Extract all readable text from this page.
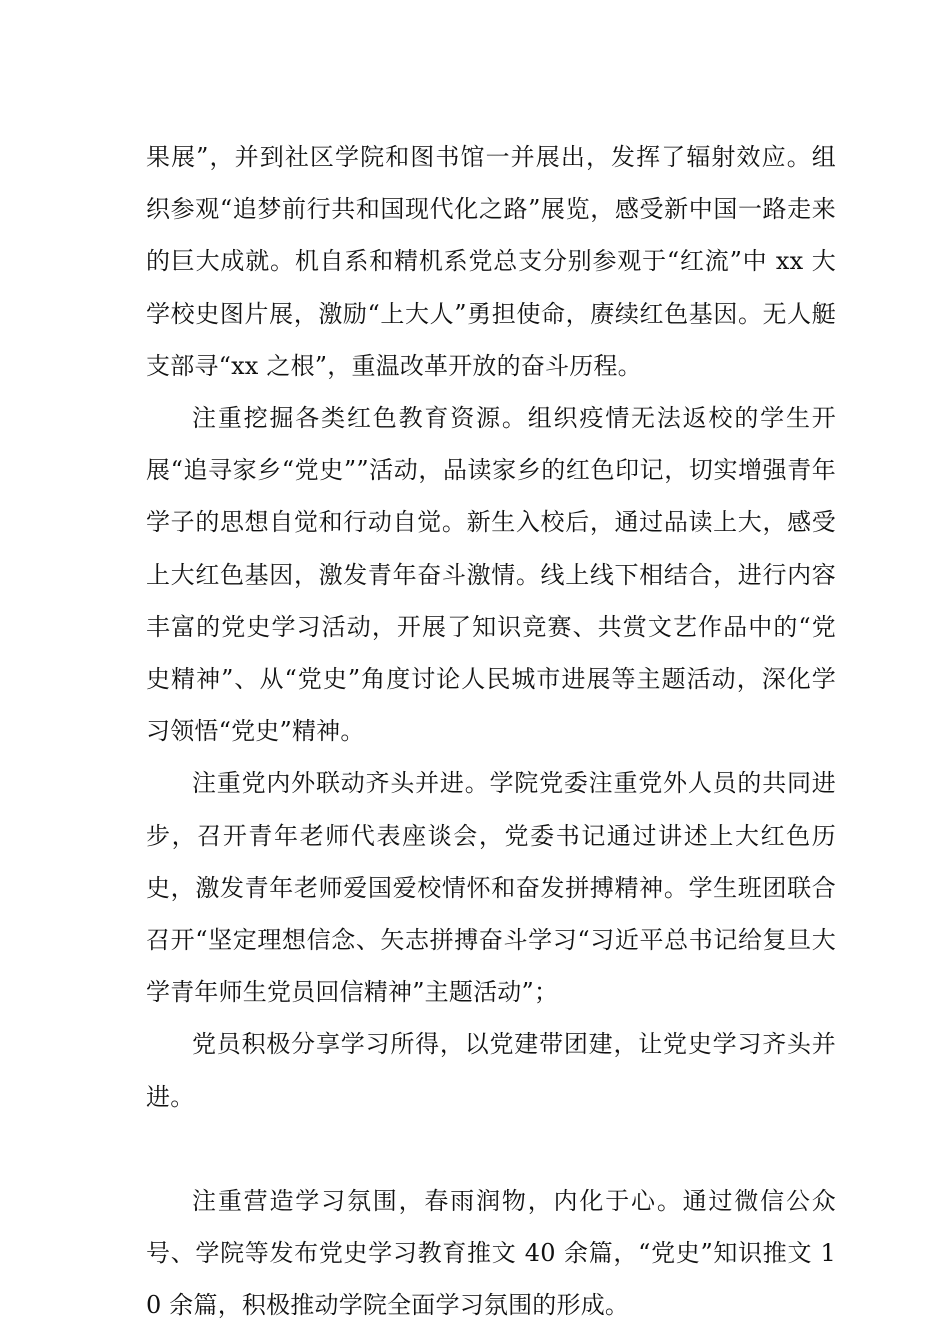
果展”，并到社区学院和图书馆一并展出，发挥了辐射效应。组织参观“追梦前行共和国现代化之路”展览，感受新中国一路走来的巨大成就。机自系和精机系党总支分别参观于“红流”中 xx 大学校史图片展，激励“上大人”勇担使命，赓续红色基因。无人艇支部寻“xx 之根”，重温改革开放的奋斗历程。

注重挖掘各类红色教育资源。组织疫情无法返校的学生开展“追寻家乡“党史””活动，品读家乡的红色印记，切实增强青年学子的思想自觉和行动自觉。新生入校后，通过品读上大，感受上大红色基因，激发青年奋斗激情。线上线下相结合，进行内容丰富的党史学习活动，开展了知识竞赛、共赏文艺作品中的“党史精神”、从“党史”角度讨论人民城市进展等主题活动，深化学习领悟“党史”精神。

注重党内外联动齐头并进。学院党委注重党外人员的共同进步，召开青年老师代表座谈会，党委书记通过讲述上大红色历史，激发青年老师爱国爱校情怀和奋发拼搏精神。学生班团联合召开“坚定理想信念、矢志拼搏奋斗学习“习近平总书记给复旦大学青年师生党员回信精神”主题活动”；

党员积极分享学习所得，以党建带团建，让党史学习齐头并进。

注重营造学习氛围，春雨润物，内化于心。通过微信公众号、学院等发布党史学习教育推文 40 余篇，“党史”知识推文 10 余篇，积极推动学院全面学习氛围的形成。
